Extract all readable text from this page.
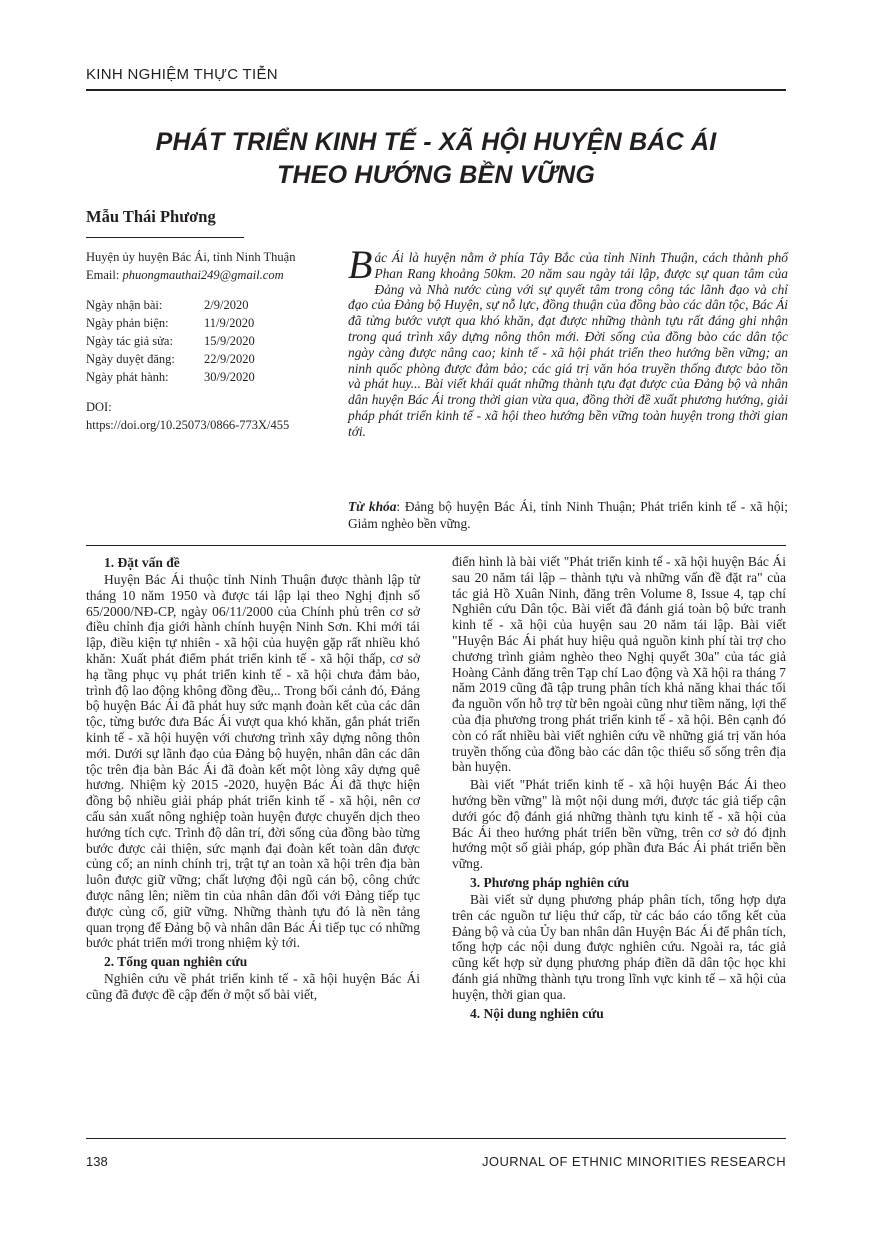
KINH NGHIỆM THỰC TIỄN
PHÁT TRIỂN KINH TẾ - XÃ HỘI HUYỆN BÁC ÁI
THEO HƯỚNG BỀN VỮNG
Mẫu Thái Phương
Huyện ủy huyện Bác Ái, tỉnh Ninh Thuận
Email: phuongmauthai249@gmail.com
Ngày nhận bài:	2/9/2020
Ngày phản biện:	11/9/2020
Ngày tác giả sửa:	15/9/2020
Ngày duyệt đăng:	22/9/2020
Ngày phát hành:	30/9/2020
DOI:
https://doi.org/10.25073/0866-773X/455
Bác Ái là huyện nằm ở phía Tây Bắc của tỉnh Ninh Thuận, cách thành phố Phan Rang khoảng 50km. 20 năm sau ngày tái lập, được sự quan tâm của Đảng và Nhà nước cùng với sự quyết tâm trong công tác lãnh đạo và chỉ đạo của Đảng bộ Huyện, sự nỗ lực, đồng thuận của đồng bào các dân tộc, Bác Ái đã từng bước vượt qua khó khăn, đạt được những thành tựu rất đáng ghi nhận trong quá trình xây dựng nông thôn mới. Đời sống của đồng bào các dân tộc ngày càng được nâng cao; kinh tế - xã hội phát triển theo hướng bền vững; an ninh quốc phòng được đảm bảo; các giá trị văn hóa truyền thống được bảo tồn và phát huy... Bài viết khái quát những thành tựu đạt được của Đảng bộ và nhân dân huyện Bác Ái trong thời gian vừa qua, đồng thời đề xuất phương hướng, giải pháp phát triển kinh tế - xã hội theo hướng bền vững toàn huyện trong thời gian tới.
Từ khóa: Đảng bộ huyện Bác Ái, tỉnh Ninh Thuận; Phát triển kinh tế - xã hội; Giảm nghèo bền vững.
1. Đặt vấn đề

Huyện Bác Ái thuộc tỉnh Ninh Thuận được thành lập từ tháng 10 năm 1950 và được tái lập lại theo Nghị định số 65/2000/NĐ-CP, ngày 06/11/2000 của Chính phủ trên cơ sở điều chỉnh địa giới hành chính huyện Ninh Sơn. Khi mới tái lập, điều kiện tự nhiên - xã hội của huyện gặp rất nhiều khó khăn: Xuất phát điểm phát triển kinh tế - xã hội thấp, cơ sở hạ tầng phục vụ phát triển kinh tế - xã hội chưa đảm bảo, trình độ lao động không đồng đều,.. Trong bối cảnh đó, Đảng bộ huyện Bác Ái đã phát huy sức mạnh đoàn kết của các dân tộc, từng bước đưa Bác Ái vượt qua khó khăn, gắn phát triển kinh tế - xã hội huyện với chương trình xây dựng nông thôn mới. Dưới sự lãnh đạo của Đảng bộ huyện, nhân dân các dân tộc trên địa bàn Bác Ái đã đoàn kết một lòng xây dựng quê hương. Nhiệm kỳ 2015 -2020, huyện Bác Ái đã thực hiện đồng bộ nhiều giải pháp phát triển kinh tế - xã hội, nên cơ cấu sản xuất nông nghiệp toàn huyện được chuyển dịch theo hướng tích cực. Trình độ dân trí, đời sống của đồng bào từng bước được cải thiện, sức mạnh đại đoàn kết toàn dân được củng cố; an ninh chính trị, trật tự an toàn xã hội trên địa bàn luôn được giữ vững; chất lượng đội ngũ cán bộ, công chức được nâng lên; niềm tin của nhân dân đối với Đảng tiếp tục được củng cố, giữ vững. Những thành tựu đó là nền tảng quan trọng để Đảng bộ và nhân dân Bác Ái tiếp tục có những bước phát triển mới trong nhiệm kỳ tới.

2. Tổng quan nghiên cứu

Nghiên cứu về phát triển kinh tế - xã hội huyện Bác Ái cũng đã được đề cập đến ở một số bài viết,

điển hình là bài viết "Phát triển kinh tế - xã hội huyện Bác Ái sau 20 năm tái lập – thành tựu và những vấn đề đặt ra" của tác giả Hồ Xuân Ninh, đăng trên Volume 8, Issue 4, tạp chí Nghiên cứu Dân tộc. Bài viết đã đánh giá toàn bộ bức tranh kinh tế - xã hội của huyện sau 20 năm tái lập. Bài viết "Huyện Bác Ái phát huy hiệu quả nguồn kinh phí tài trợ cho chương trình giảm nghèo theo Nghị quyết 30a" của tác giả Hoàng Cảnh đăng trên Tạp chí Lao động và Xã hội ra tháng 7 năm 2019 cũng đã tập trung phân tích khả năng khai thác tối đa nguồn vốn hỗ trợ từ bên ngoài cũng như tiềm năng, lợi thế của địa phương trong phát triển kinh tế - xã hội. Bên cạnh đó còn có rất nhiều bài viết nghiên cứu về những giá trị văn hóa truyền thống của đồng bào các dân tộc thiểu số sống trên địa bàn huyện.

Bài viết "Phát triển kinh tế - xã hội huyện Bác Ái theo hướng bền vững" là một nội dung mới, được tác giả tiếp cận dưới góc độ đánh giá những thành tựu kinh tế - xã hội của Bác Ái theo hướng phát triển bền vững, trên cơ sở đó định hướng một số giải pháp, góp phần đưa Bác Ái phát triển bền vững.

3. Phương pháp nghiên cứu

Bài viết sử dụng phương pháp phân tích, tổng hợp dựa trên các nguồn tư liệu thứ cấp, từ các báo cáo tổng kết của Đảng bộ và của Ủy ban nhân dân Huyện Bác Ái để phân tích, tổng hợp các nội dung được nghiên cứu. Ngoài ra, tác giả cũng kết hợp sử dụng phương pháp điền dã dân tộc học khi đánh giá những thành tựu trong lĩnh vực kinh tế – xã hội của huyện, thời gian qua.

4. Nội dung nghiên cứu
138	JOURNAL OF ETHNIC MINORITIES RESEARCH
